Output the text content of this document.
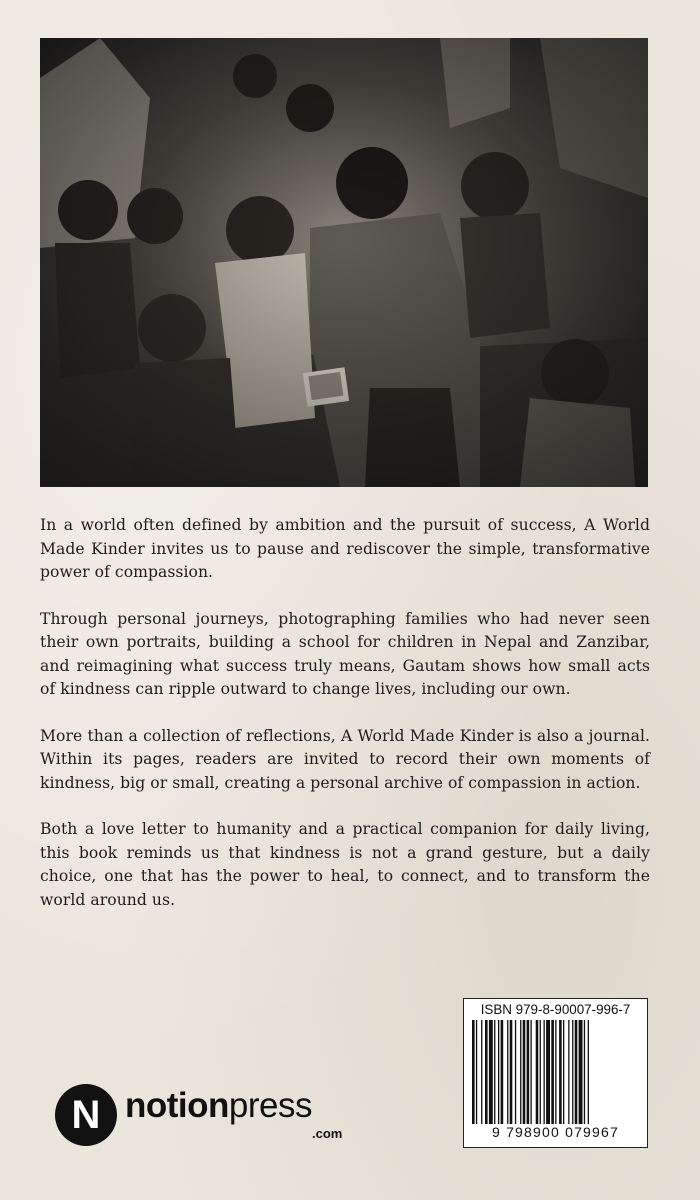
In a world often defined by ambition and the pursuit of success, A World Made Kinder invites us to pause and rediscover the simple, transformative power of compassion.

Through personal journeys, photographing families who had never seen their own portraits, building a school for children in Nepal and Zanzibar, and reimagining what success truly means, Gautam shows how small acts of kindness can ripple outward to change lives, including our own.

More than a collection of reflections, A World Made Kinder is also a journal. Within its pages, readers are invited to record their own moments of kindness, big or small, creating a personal archive of compassion in action.

Both a love letter to humanity and a practical companion for daily living, this book reminds us that kindness is not a grand gesture, but a daily choice, one that has the power to heal, to connect, and to transform the world around us.

ISBN 979-8-90007-996-7
9 798900 079967
N notionpress
.com
